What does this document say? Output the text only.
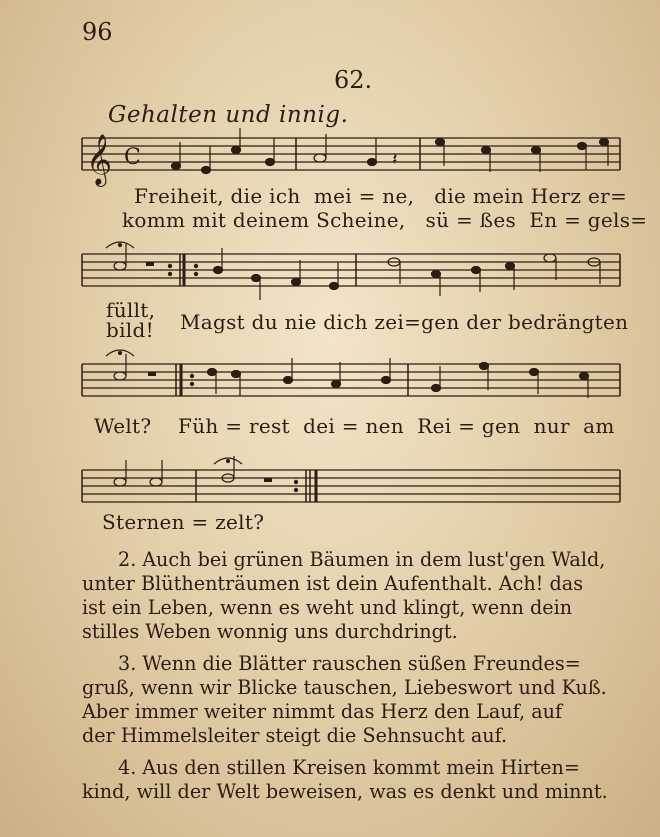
96
62.
Gehalten und innig.
𝄞 C	𝄽
Freiheit, die ich  mei = ne,   die mein Herz er=
komm mit deinem Scheine,   sü = ßes  En = gels=
füllt,
bild! Magst du nie dich zei=gen der bedrängten
Welt?    Füh = rest  dei = nen  Rei = gen  nur  am
Sternen = zelt?
2. Auch bei grünen Bäumen in dem lust'gen Wald,
unter Blüthenträumen ist dein Aufenthalt. Ach! das
ist ein Leben, wenn es weht und klingt, wenn dein
stilles Weben wonnig uns durchdringt.
3. Wenn die Blätter rauschen süßen Freundes=
gruß, wenn wir Blicke tauschen, Liebeswort und Kuß.
Aber immer weiter nimmt das Herz den Lauf, auf
der Himmelsleiter steigt die Sehnsucht auf.
4. Aus den stillen Kreisen kommt mein Hirten=
kind, will der Welt beweisen, was es denkt und minnt.
